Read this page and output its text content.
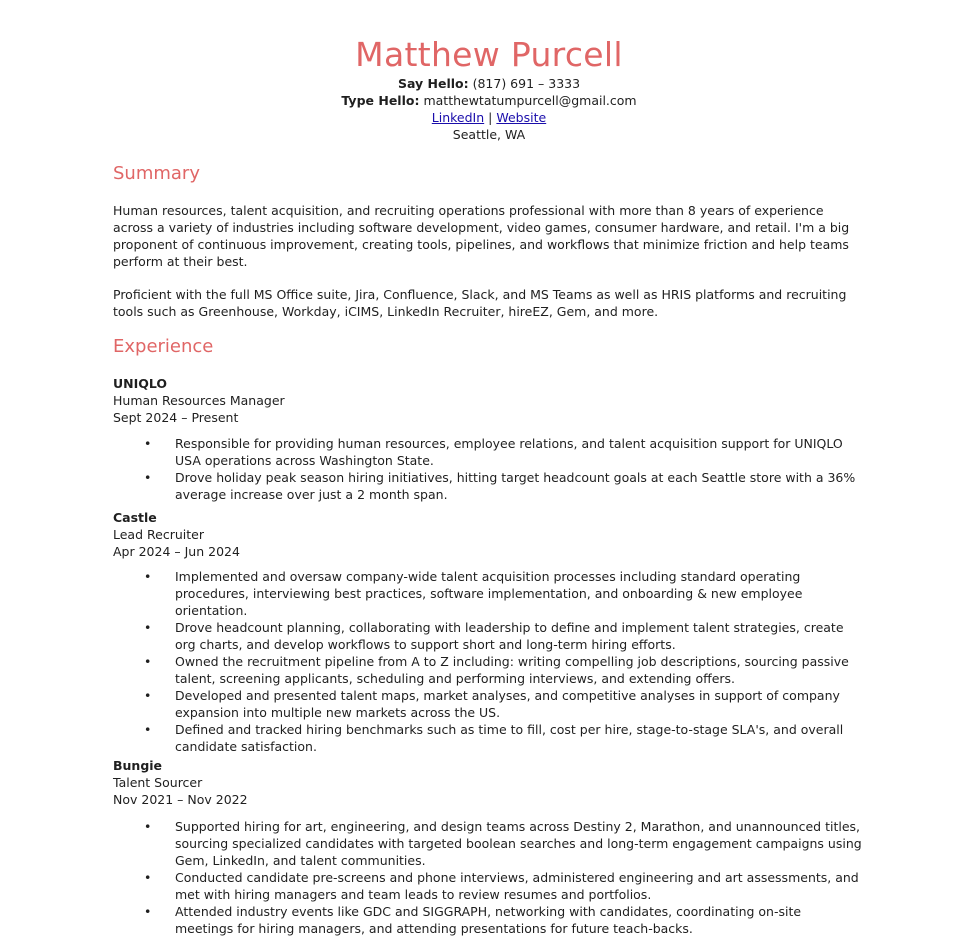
Matthew Purcell
Say Hello: (817) 691 – 3333
Type Hello: matthewtatumpurcell@gmail.com
LinkedIn | Website
Seattle, WA
Summary

Human resources, talent acquisition, and recruiting operations professional with more than 8 years of experience across a variety of industries including software development, video games, consumer hardware, and retail. I'm a big proponent of continuous improvement, creating tools, pipelines, and workflows that minimize friction and help teams perform at their best.

Proficient with the full MS Office suite, Jira, Confluence, Slack, and MS Teams as well as HRIS platforms and recruiting tools such as Greenhouse, Workday, iCIMS, LinkedIn Recruiter, hireEZ, Gem, and more.

Experience
UNIQLO
Human Resources Manager
Sept 2024 – Present
• Responsible for providing human resources, employee relations, and talent acquisition support for UNIQLO USA operations across Washington State.
• Drove holiday peak season hiring initiatives, hitting target headcount goals at each Seattle store with a 36% average increase over just a 2 month span.
Castle
Lead Recruiter
Apr 2024 – Jun 2024
• Implemented and oversaw company-wide talent acquisition processes including standard operating procedures, interviewing best practices, software implementation, and onboarding & new employee orientation.
• Drove headcount planning, collaborating with leadership to define and implement talent strategies, create org charts, and develop workflows to support short and long-term hiring efforts.
• Owned the recruitment pipeline from A to Z including: writing compelling job descriptions, sourcing passive talent, screening applicants, scheduling and performing interviews, and extending offers.
• Developed and presented talent maps, market analyses, and competitive analyses in support of company expansion into multiple new markets across the US.
• Defined and tracked hiring benchmarks such as time to fill, cost per hire, stage-to-stage SLA's, and overall candidate satisfaction.
Bungie
Talent Sourcer
Nov 2021 – Nov 2022
• Supported hiring for art, engineering, and design teams across Destiny 2, Marathon, and unannounced titles, sourcing specialized candidates with targeted boolean searches and long-term engagement campaigns using Gem, LinkedIn, and talent communities.
• Conducted candidate pre-screens and phone interviews, administered engineering and art assessments, and met with hiring managers and team leads to review resumes and portfolios.
• Attended industry events like GDC and SIGGRAPH, networking with candidates, coordinating on-site meetings for hiring managers, and attending presentations for future teach-backs.
